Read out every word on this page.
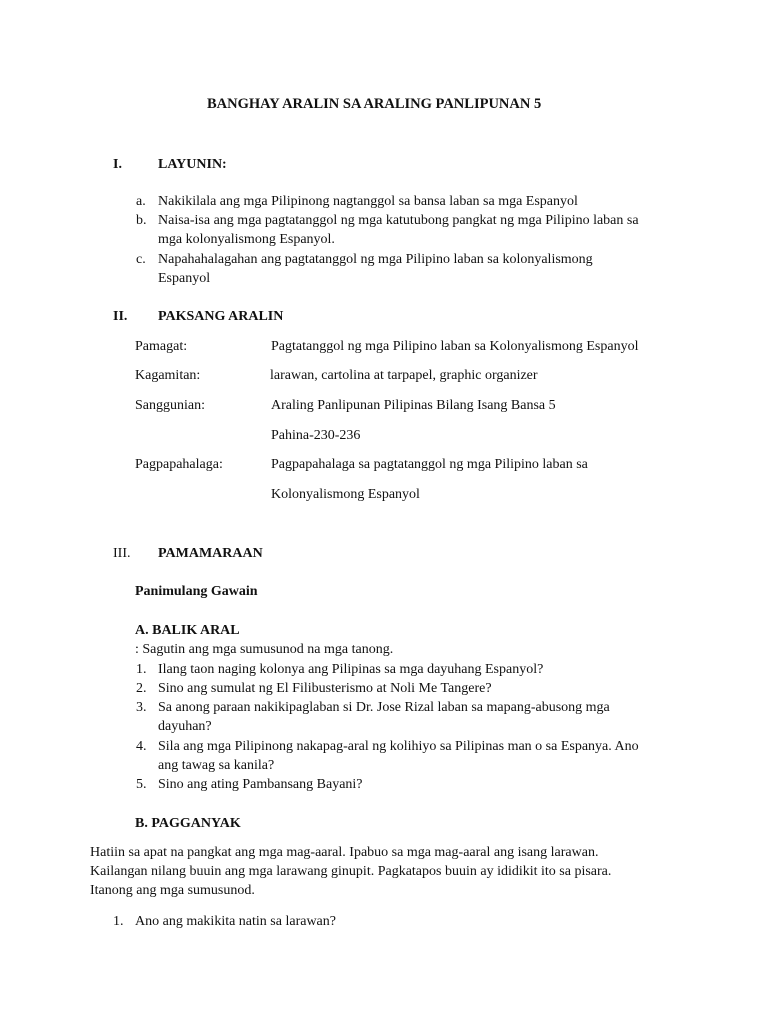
BANGHAY ARALIN SA ARALING PANLIPUNAN 5
I.	LAYUNIN:
a. Nakikilala ang mga Pilipinong nagtanggol sa bansa laban sa mga Espanyol
b. Naisa-isa ang mga pagtatanggol ng mga katutubong pangkat ng mga Pilipino laban sa
mga kolonyalismong Espanyol.
c. Napahahalagahan ang pagtatanggol ng mga Pilipino laban sa kolonyalismong
Espanyol
II. PAKSANG ARALIN
Pamagat:	Pagtatanggol ng mga Pilipino laban sa Kolonyalismong Espanyol
Kagamitan:	larawan, cartolina at tarpapel, graphic organizer
Sanggunian:	Araling Panlipunan Pilipinas Bilang Isang Bansa 5
Pahina-230-236
Pagpapahalaga:	Pagpapahalaga sa pagtatanggol ng mga Pilipino laban sa
Kolonyalismong Espanyol
III. PAMAMARAAN
Panimulang Gawain
A. BALIK ARAL
: Sagutin ang mga sumusunod na mga tanong.
1. Ilang taon naging kolonya ang Pilipinas sa mga dayuhang Espanyol?
2. Sino ang sumulat ng El Filibusterismo at Noli Me Tangere?
3. Sa anong paraan nakikipaglaban si Dr. Jose Rizal laban sa mapang-abusong mga
dayuhan?
4. Sila ang mga Pilipinong nakapag-aral ng kolihiyo sa Pilipinas man o sa Espanya. Ano
ang tawag sa kanila?
5. Sino ang ating Pambansang Bayani?
B. PAGGANYAK
Hatiin sa apat na pangkat ang mga mag-aaral. Ipabuo sa mga mag-aaral ang isang larawan.
Kailangan nilang buuin ang mga larawang ginupit. Pagkatapos buuin ay ididikit ito sa pisara.
Itanong ang mga sumusunod.
1. Ano ang makikita natin sa larawan?
